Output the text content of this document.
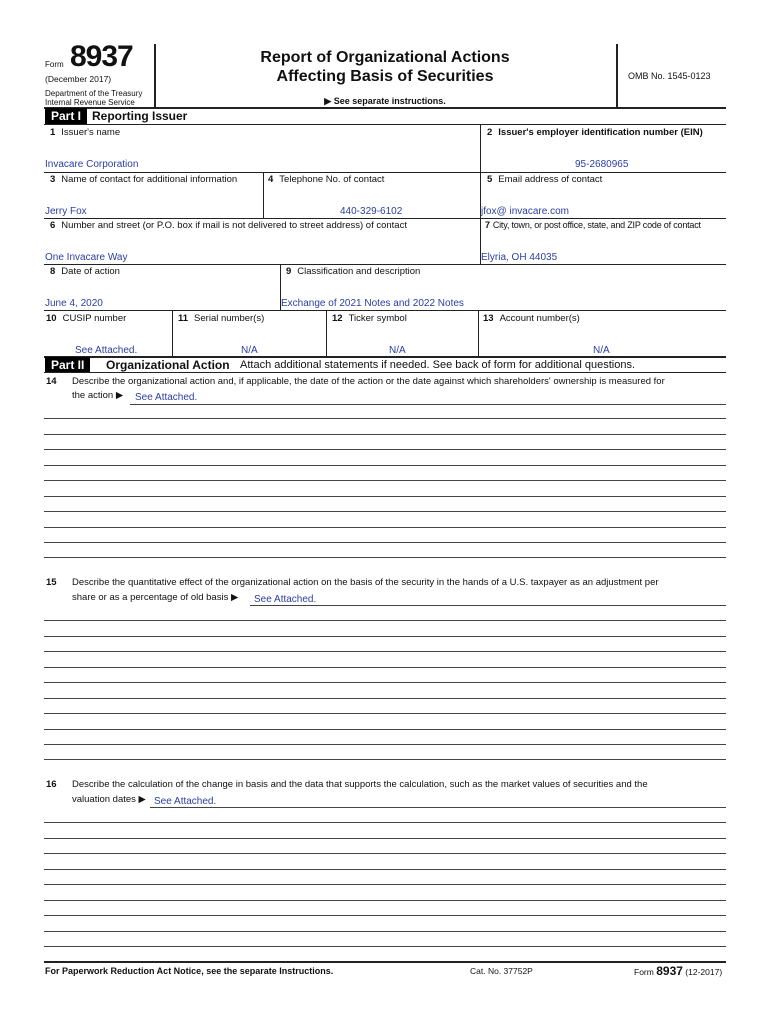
Form 8937
(December 2017)
Department of the Treasury
Internal Revenue Service
Report of Organizational Actions
Affecting Basis of Securities
▶ See separate instructions.
OMB No. 1545-0123
Part I Reporting Issuer
1 Issuer's name
Invacare Corporation
2 Issuer's employer identification number (EIN)
95-2680965
3 Name of contact for additional information
Jerry Fox
4 Telephone No. of contact
440-329-6102
5 Email address of contact
jfox@ invacare.com
6 Number and street (or P.O. box if mail is not delivered to street address) of contact
One Invacare Way
7 City, town, or post office, state, and ZIP code of contact
Elyria, OH 44035
8 Date of action
June 4, 2020
9 Classification and description
Exchange of 2021 Notes and 2022 Notes
10 CUSIP number
See Attached.
11 Serial number(s)
N/A
12 Ticker symbol
N/A
13 Account number(s)
N/A
Part II	Organizational Action Attach additional statements if needed. See back of form for additional questions.
14 Describe the organizational action and, if applicable, the date of the action or the date against which shareholders' ownership is measured for
the action ▶ See Attached.
15 Describe the quantitative effect of the organizational action on the basis of the security in the hands of a U.S. taxpayer as an adjustment per
share or as a percentage of old basis ▶ See Attached.
16 Describe the calculation of the change in basis and the data that supports the calculation, such as the market values of securities and the
valuation dates ▶ See Attached.
For Paperwork Reduction Act Notice, see the separate Instructions.	Cat. No. 37752P	Form 8937 (12-2017)
